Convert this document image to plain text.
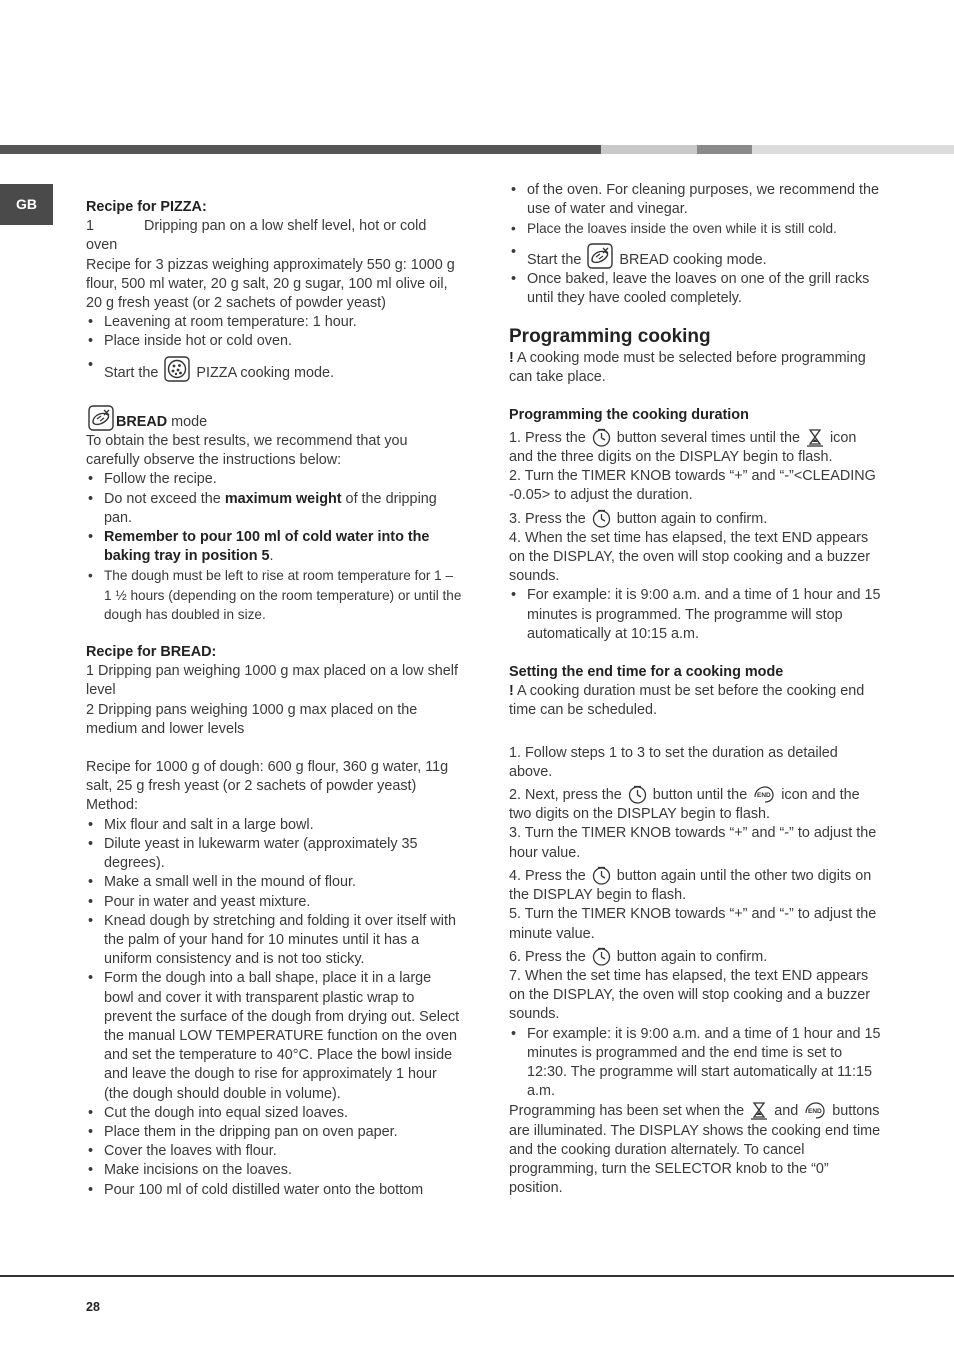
GB	Recipe for PIZZA:
1	Dripping pan on a low shelf level, hot or cold

oven

Recipe for 3 pizzas weighing approximately 550 g: 1000 g flour, 500 ml water, 20 g salt, 20 g sugar, 100 ml olive oil, 20 g fresh yeast (or 2 sachets of powder yeast)

• Leavening at room temperature: 1 hour.
• Place inside hot or cold oven.
• Start the	PIZZA cooking mode.

BREAD mode

To obtain the best results, we recommend that you carefully observe the instructions below:

• Follow the recipe.
• Do not exceed the maximum weight of the dripping pan.
• Remember to pour 100 ml of cold water into the baking tray in position 5.
• The dough must be left to rise at room temperature for 1 – 1 ½ hours (depending on the room temperature) or until the dough has doubled in size.
Recipe for BREAD:

1 Dripping pan weighing 1000 g max placed on a low shelf level

2 Dripping pans weighing 1000 g max placed on the medium and lower levels

Recipe for 1000 g of dough: 600 g flour, 360 g water, 11g salt, 25 g fresh yeast (or 2 sachets of powder yeast)

Method:

• Mix flour and salt in a large bowl.
• Dilute yeast in lukewarm water (approximately 35 degrees).
• Make a small well in the mound of flour.
• Pour in water and yeast mixture.
• Knead dough by stretching and folding it over itself with the palm of your hand for 10 minutes until it has a uniform consistency and is not too sticky.
• Form the dough into a ball shape, place it in a large bowl and cover it with transparent plastic wrap to prevent the surface of the dough from drying out. Select the manual LOW TEMPERATURE function on the oven and set the temperature to 40°C. Place the bowl inside and leave the dough to rise for approximately 1 hour (the dough should double in volume).
• Cut the dough into equal sized loaves.
• Place them in the dripping pan on oven paper.
• Cover the loaves with flour.
• Make incisions on the loaves.
• Pour 100 ml of cold distilled water onto the bottom
• of the oven. For cleaning purposes, we recommend the use of water and vinegar.
• Place the loaves inside the oven while it is still cold.
• Start the	BREAD cooking mode.
• Once baked, leave the loaves on one of the grill racks until they have cooled completely.
Programming cooking

! A cooking mode must be selected before programming can take place.

Programming the cooking duration

1. Press the button several times until the icon and the three digits on the DISPLAY begin to flash.

2. Turn the TIMER KNOB towards “+” and “-”<CLEADING -0.05> to adjust the duration.

3. Press the button again to confirm.

4. When the set time has elapsed, the text END appears on the DISPLAY, the oven will stop cooking and a buzzer sounds.

• For example: it is 9:00 a.m. and a time of 1 hour and 15 minutes is programmed. The programme will stop automatically at 10:15 a.m.
Setting the end time for a cooking mode

! A cooking duration must be set before the cooking end time can be scheduled.

1. Follow steps 1 to 3 to set the duration as detailed above.

2. Next, press the button until the END icon and the two digits on the DISPLAY begin to flash.

3. Turn the TIMER KNOB towards “+” and “-” to adjust the hour value.

4. Press the button again until the other two digits on the DISPLAY begin to flash.

5. Turn the TIMER KNOB towards “+” and “-” to adjust the minute value.

6. Press the button again to confirm.

7. When the set time has elapsed, the text END appears on the DISPLAY, the oven will stop cooking and a buzzer sounds.

• For example: it is 9:00 a.m. and a time of 1 hour and 15 minutes is programmed and the end time is set to 12:30. The programme will start automatically at 11:15 a.m.

Programming has been set when the and END buttons are illuminated. The DISPLAY shows the cooking end time and the cooking duration alternately. To cancel programming, turn the SELECTOR knob to the “0” position.

28
